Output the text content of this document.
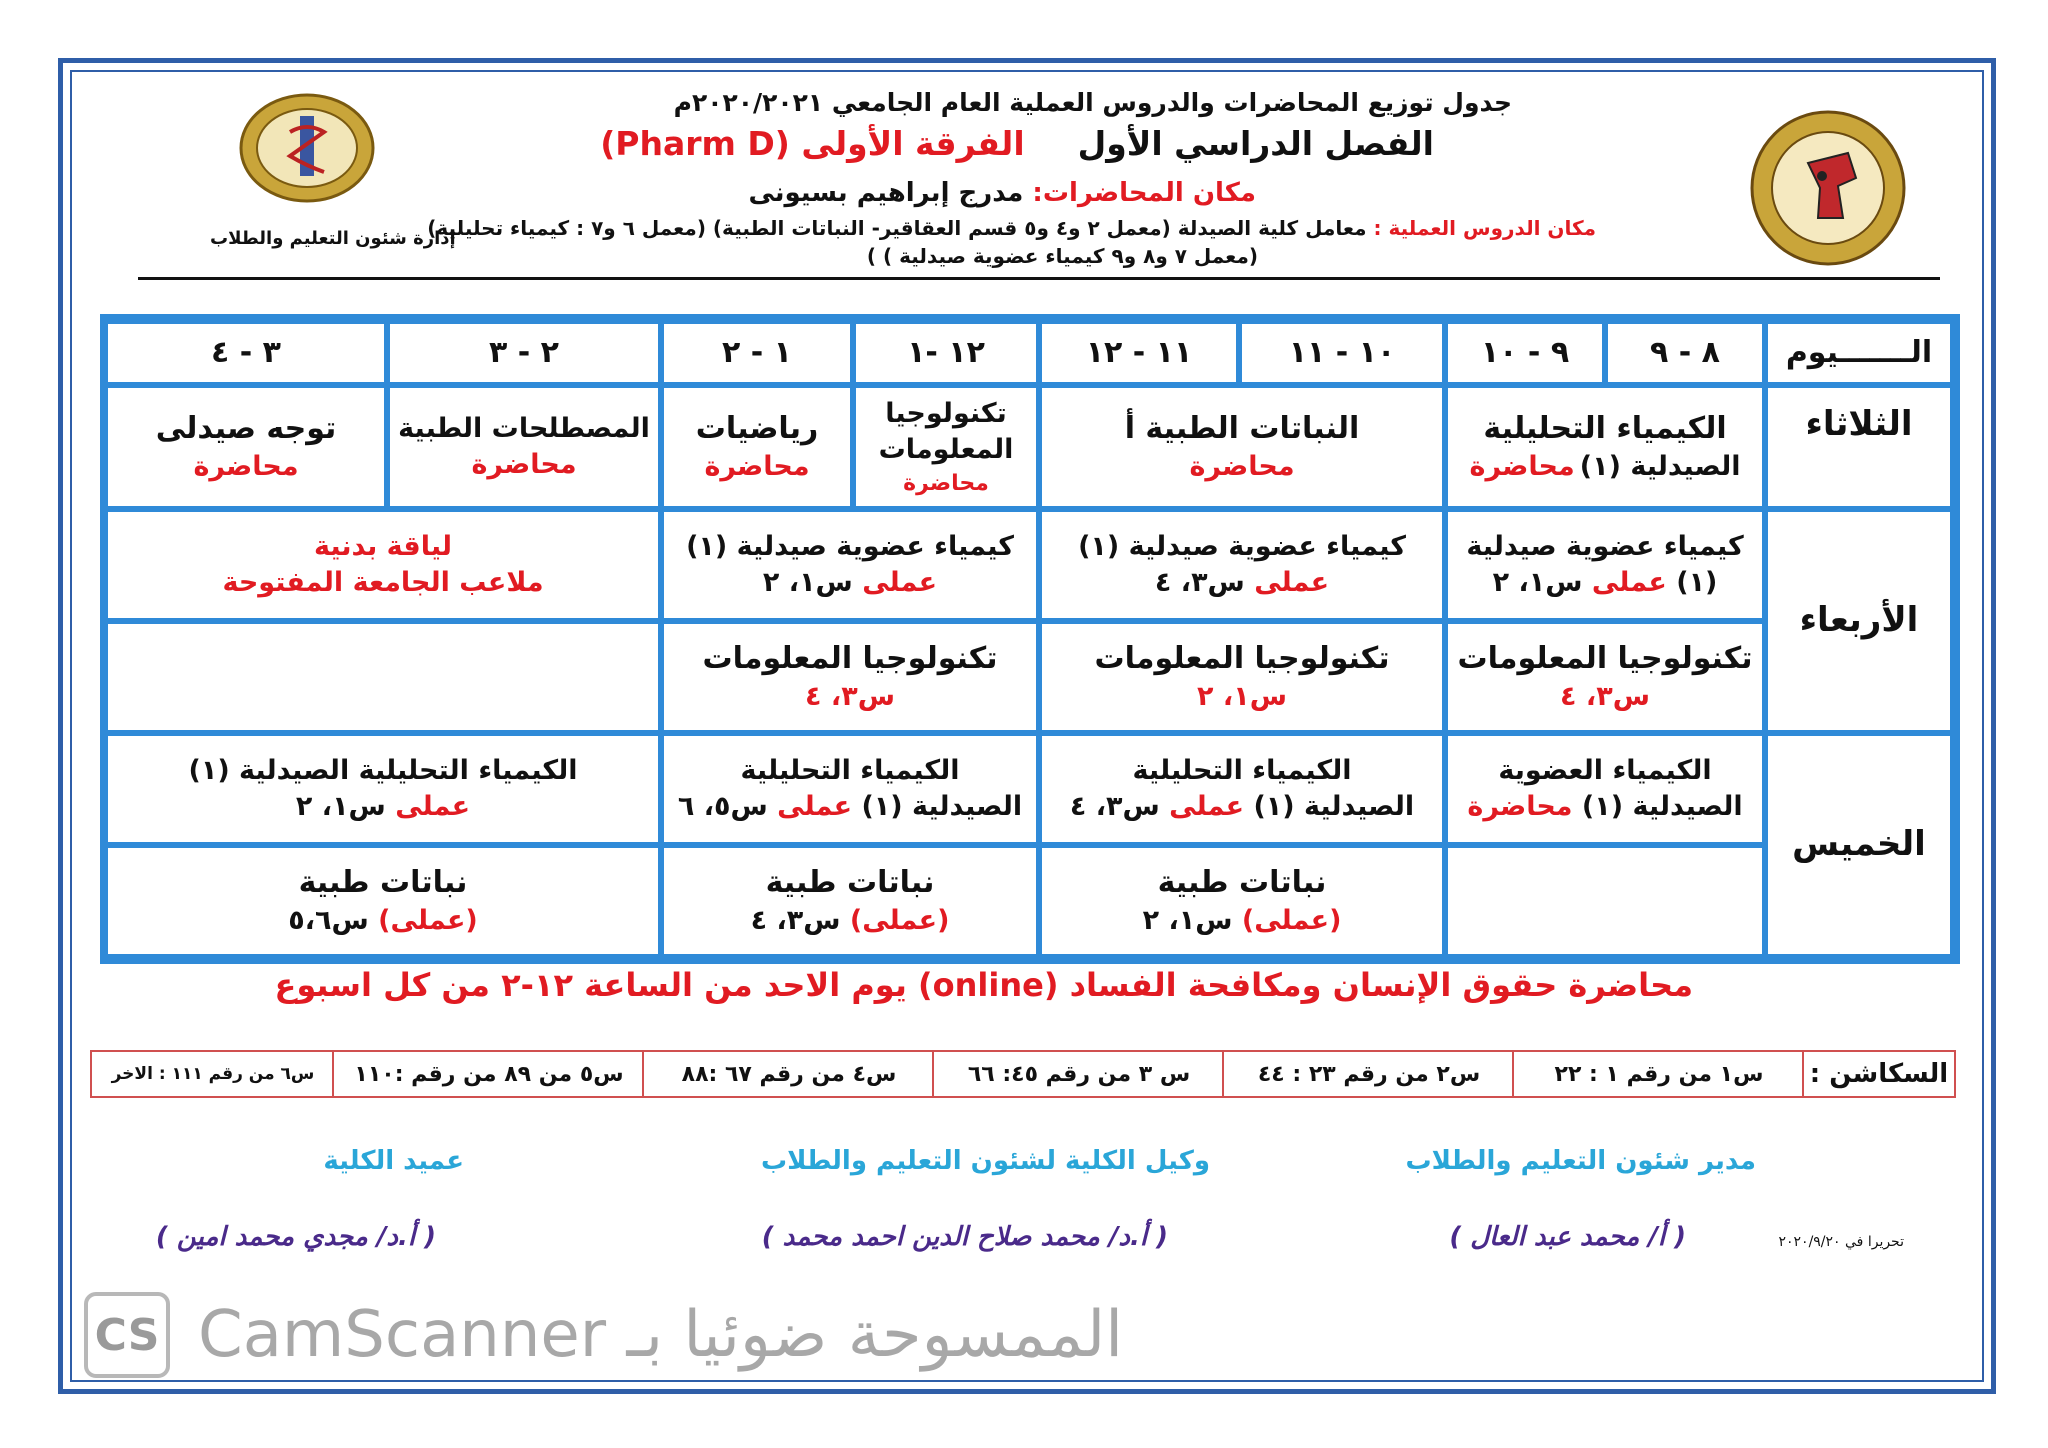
جدول توزيع المحاضرات والدروس العملية العام الجامعي ٢٠٢٠/٢٠٢١م
الفصل الدراسي الأول  الفرقة الأولى (Pharm D)
مكان المحاضرات: مدرج إبراهيم بسيونى
مكان الدروس العملية : معامل كلية الصيدلة (معمل ٢ و٤ و٥ قسم العقاقير- النباتات الطبية) (معمل ٦ و٧ : كيمياء تحليلية)
(معمل ٧ و٨ و٩ كيمياء عضوية صيدلية ) )
إدارة شئون التعليم والطلاب
الـــــــيوم
٨ - ٩
٩ - ١٠
١٠ - ١١
١١ - ١٢
١٢ -١
١ - ٢
٢ - ٣
٣ - ٤
الثلاثاء
الكيمياء التحليلية
الصيدلية (١) محاضرة
النباتات الطبية أ
محاضرة
تكنولوجيا
المعلومات
محاضرة
رياضيات
محاضرة
المصطلحات الطبية
محاضرة
توجه صيدلى
محاضرة
الأربعاء
كيمياء عضوية صيدلية
(١) عملى س١، ٢
كيمياء عضوية صيدلية (١)
عملى س٣، ٤
كيمياء عضوية صيدلية (١)
عملى س١، ٢
لياقة بدنية
ملاعب الجامعة المفتوحة
تكنولوجيا المعلومات
س٣، ٤
تكنولوجيا المعلومات
س١، ٢
تكنولوجيا المعلومات
س٣، ٤
الخميس
الكيمياء العضوية
الصيدلية (١) محاضرة
الكيمياء التحليلية
الصيدلية (١) عملى س٣، ٤
الكيمياء التحليلية
الصيدلية (١) عملى س٥، ٦
الكيمياء التحليلية الصيدلية (١)
عملى س١، ٢
نباتات طبية
(عملى) س١، ٢
نباتات طبية
(عملى) س٣، ٤
نباتات طبية
(عملى) س٥،٦
محاضرة حقوق الإنسان ومكافحة الفساد (online) يوم الاحد من الساعة ١٢-٢ من كل اسبوع
السكاشن :
س١ من رقم ١ : ٢٢
س٢ من رقم ٢٣ : ٤٤
س ٣ من رقم ٤٥: ٦٦
س٤ من رقم ٦٧ :٨٨
س٥ من ٨٩ من رقم :١١٠
س٦ من رقم ١١١ : الاخر
مدير شئون التعليم والطلاب
وكيل الكلية لشئون التعليم والطلاب
عميد الكلية
( أ/ محمد عبد العال )
( أ.د/ محمد صلاح الدين احمد محمد )
( أ.د/ مجدي محمد امين )	تحريرا في ٢٠٢٠/٩/٢٠
CS CamScanner الممسوحة ضوئيا بـ
